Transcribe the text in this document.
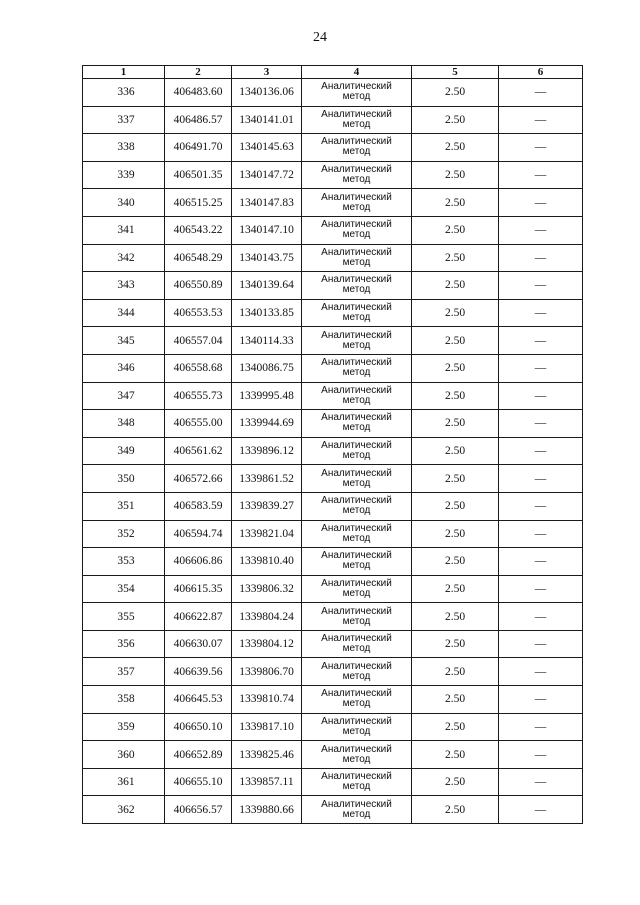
24
1	2	3	4	5	6
336	406483.60	1340136.06	Аналитический
метод	2.50	—
337	406486.57	1340141.01	Аналитический
метод	2.50	—
338	406491.70	1340145.63	Аналитический
метод	2.50	—
339	406501.35	1340147.72	Аналитический
метод	2.50	—
340	406515.25	1340147.83	Аналитический
метод	2.50	—
341	406543.22	1340147.10	Аналитический
метод	2.50	—
342	406548.29	1340143.75	Аналитический
метод	2.50	—
343	406550.89	1340139.64	Аналитический
метод	2.50	—
344	406553.53	1340133.85	Аналитический
метод	2.50	—
345	406557.04	1340114.33	Аналитический
метод	2.50	—
346	406558.68	1340086.75	Аналитический
метод	2.50	—
347	406555.73	1339995.48	Аналитический
метод	2.50	—
348	406555.00	1339944.69	Аналитический
метод	2.50	—
349	406561.62	1339896.12	Аналитический
метод	2.50	—
350	406572.66	1339861.52	Аналитический
метод	2.50	—
351	406583.59	1339839.27	Аналитический
метод	2.50	—
352	406594.74	1339821.04	Аналитический
метод	2.50	—
353	406606.86	1339810.40	Аналитический
метод	2.50	—
354	406615.35	1339806.32	Аналитический
метод	2.50	—
355	406622.87	1339804.24	Аналитический
метод	2.50	—
356	406630.07	1339804.12	Аналитический
метод	2.50	—
357	406639.56	1339806.70	Аналитический
метод	2.50	—
358	406645.53	1339810.74	Аналитический
метод	2.50	—
359	406650.10	1339817.10	Аналитический
метод	2.50	—
360	406652.89	1339825.46	Аналитический
метод	2.50	—
361	406655.10	1339857.11	Аналитический
метод	2.50	—
362	406656.57	1339880.66	Аналитический
метод	2.50	—
